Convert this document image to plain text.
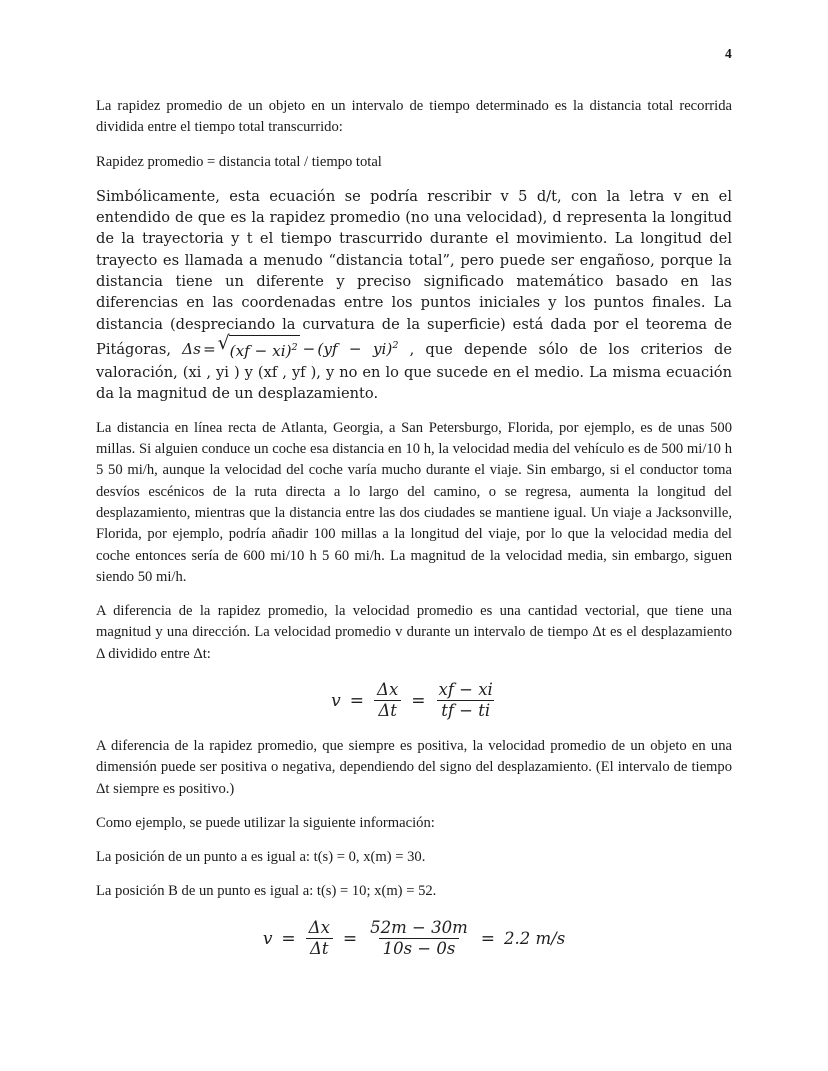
4

La rapidez promedio de un objeto en un intervalo de tiempo determinado es la distancia total recorrida dividida entre el tiempo total transcurrido:

Rapidez promedio = distancia total / tiempo total

Simbólicamente, esta ecuación se podría rescribir v 5 d/t, con la letra v en el entendido de que es la rapidez promedio (no una velocidad), d representa la longitud de la trayectoria y t el tiempo trascurrido durante el movimiento. La longitud del trayecto es llamada a menudo “distancia total”, pero puede ser engañoso, porque la distancia tiene un diferente y preciso significado matemático basado en las diferencias en las coordenadas entre los puntos iniciales y los puntos finales. La distancia (despreciando la curvatura de la superficie) está dada por el teorema de Pitágoras, Δs = √ (xf − xi)$^2$ − (yf − yi)$^2$ , que depende sólo de los criterios de valoración, (xi , yi ) y (xf , yf ), y no en lo que sucede en el medio. La misma ecuación da la magnitud de un desplazamiento.

La distancia en línea recta de Atlanta, Georgia, a San Petersburgo, Florida, por ejemplo, es de unas 500 millas. Si alguien conduce un coche esa distancia en 10 h, la velocidad media del vehículo es de 500 mi/10 h 5 50 mi/h, aunque la velocidad del coche varía mucho durante el viaje. Sin embargo, si el conductor toma desvíos escénicos de la ruta directa a lo largo del camino, o se regresa, aumenta la longitud del desplazamiento, mientras que la distancia entre las dos ciudades se mantiene igual. Un viaje a Jacksonville, Florida, por ejemplo, podría añadir 100 millas a la longitud del viaje, por lo que la velocidad media del coche entonces sería de 600 mi/10 h 5 60 mi/h. La magnitud de la velocidad media, sin embargo, siguen siendo 50 mi/h.

A diferencia de la rapidez promedio, la velocidad promedio es una cantidad vectorial, que tiene una magnitud y una dirección. La velocidad promedio v durante un intervalo de tiempo Δt es el desplazamiento Δ dividido entre Δt:

$v = \frac{\Delta x}{\Delta t} = \frac{xf - xi}{tf - ti}$

A diferencia de la rapidez promedio, que siempre es positiva, la velocidad promedio de un objeto en una dimensión puede ser positiva o negativa, dependiendo del signo del desplazamiento. (El intervalo de tiempo Δt siempre es positivo.)

Como ejemplo, se puede utilizar la siguiente información:

La posición de un punto a es igual a: t(s) = 0, x(m) = 30.

La posición B de un punto es igual a: t(s) = 10; x(m) = 52.

$v = \frac{\Delta x}{\Delta t} = \frac{52m - 30m}{10s - 0s} = 2.2$ m/s
